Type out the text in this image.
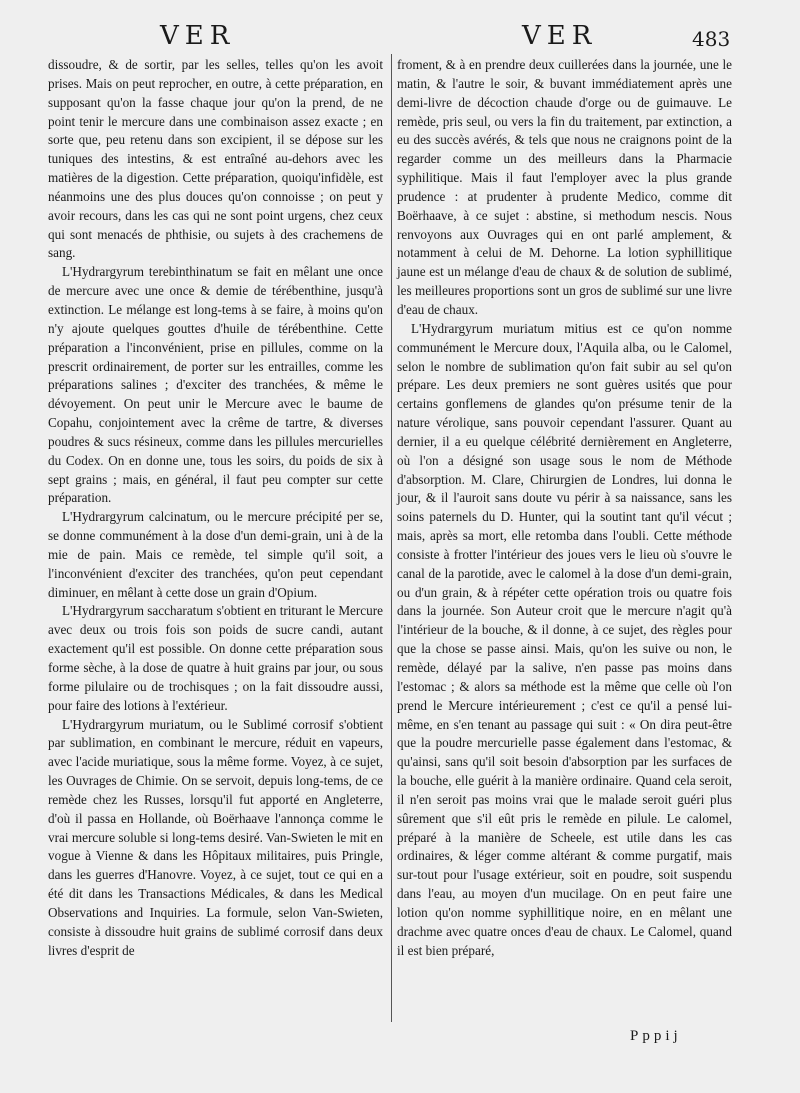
VER	VER	483

dissoudre, & de sortir, par les selles, telles qu'on les avoit prises. Mais on peut reprocher, en outre, à cette préparation, en supposant qu'on la fasse chaque jour qu'on la prend, de ne point tenir le mercure dans une combinaison assez exacte ; en sorte que, peu retenu dans son excipient, il se dépose sur les tuniques des intestins, & est entraîné au-dehors avec les matières de la digestion. Cette préparation, quoiqu'infidèle, est néanmoins une des plus douces qu'on connoisse ; on peut y avoir recours, dans les cas qui ne sont point urgens, chez ceux qui sont menacés de phthisie, ou sujets à des crachemens de sang.

L'Hydrargyrum terebinthinatum se fait en mêlant une once de mercure avec une once & demie de térébenthine, jusqu'à extinction. Le mélange est long-tems à se faire, à moins qu'on n'y ajoute quelques gouttes d'huile de térébenthine. Cette préparation a l'inconvénient, prise en pillules, comme on la prescrit ordinairement, de porter sur les entrailles, comme les préparations salines ; d'exciter des tranchées, & même le dévoyement. On peut unir le Mercure avec le baume de Copahu, conjointement avec la crême de tartre, & diverses poudres & sucs résineux, comme dans les pillules mercurielles du Codex. On en donne une, tous les soirs, du poids de six à sept grains ; mais, en général, il faut peu compter sur cette préparation.

L'Hydrargyrum calcinatum, ou le mercure précipité per se, se donne communément à la dose d'un demi-grain, uni à de la mie de pain. Mais ce remède, tel simple qu'il soit, a l'inconvénient d'exciter des tranchées, qu'on peut cependant diminuer, en mêlant à cette dose un grain d'Opium.

L'Hydrargyrum saccharatum s'obtient en triturant le Mercure avec deux ou trois fois son poids de sucre candi, autant exactement qu'il est possible. On donne cette préparation sous forme sèche, à la dose de quatre à huit grains par jour, ou sous forme pilulaire ou de trochisques ; on la fait dissoudre aussi, pour faire des lotions à l'extérieur.

L'Hydrargyrum muriatum, ou le Sublimé corrosif s'obtient par sublimation, en combinant le mercure, réduit en vapeurs, avec l'acide muriatique, sous la même forme. Voyez, à ce sujet, les Ouvrages de Chimie. On se servoit, depuis long-tems, de ce remède chez les Russes, lorsqu'il fut apporté en Angleterre, d'où il passa en Hollande, où Boërhaave l'annonça comme le vrai mercure soluble si long-tems desiré. Van-Swieten le mit en vogue à Vienne & dans les Hôpitaux militaires, puis Pringle, dans les guerres d'Hanovre. Voyez, à ce sujet, tout ce qui en a été dit dans les Transactions Médicales, & dans les Medical Observations and Inquiries. La formule, selon Van-Swieten, consiste à dissoudre huit grains de sublimé corrosif dans deux livres d'esprit de

froment, & à en prendre deux cuillerées dans la journée, une le matin, & l'autre le soir, & buvant immédiatement après une demi-livre de décoction chaude d'orge ou de guimauve. Le remède, pris seul, ou vers la fin du traitement, par extinction, a eu des succès avérés, & tels que nous ne craignons point de la regarder comme un des meilleurs dans la Pharmacie syphilitique. Mais il faut l'employer avec la plus grande prudence : at prudenter à prudente Medico, comme dit Boërhaave, à ce sujet : abstine, si methodum nescis. Nous renvoyons aux Ouvrages qui en ont parlé amplement, & notamment à celui de M. Dehorne. La lotion syphillitique jaune est un mélange d'eau de chaux & de solution de sublimé, les meilleures proportions sont un gros de sublimé sur une livre d'eau de chaux.

L'Hydrargyrum muriatum mitius est ce qu'on nomme communément le Mercure doux, l'Aquila alba, ou le Calomel, selon le nombre de sublimation qu'on fait subir au sel qu'on prépare. Les deux premiers ne sont guères usités que pour certains gonflemens de glandes qu'on présume tenir de la nature vérolique, sans pouvoir cependant l'assurer. Quant au dernier, il a eu quelque célébrité dernièrement en Angleterre, où l'on a désigné son usage sous le nom de Méthode d'absorption. M. Clare, Chirurgien de Londres, lui donna le jour, & il l'auroit sans doute vu périr à sa naissance, sans les soins paternels du D. Hunter, qui la soutint tant qu'il vécut ; mais, après sa mort, elle retomba dans l'oubli. Cette méthode consiste à frotter l'intérieur des joues vers le lieu où s'ouvre le canal de la parotide, avec le calomel à la dose d'un demi-grain, ou d'un grain, & à répéter cette opération trois ou quatre fois dans la journée. Son Auteur croit que le mercure n'agit qu'à l'intérieur de la bouche, & il donne, à ce sujet, des règles pour que la chose se passe ainsi. Mais, qu'on les suive ou non, le remède, délayé par la salive, n'en passe pas moins dans l'estomac ; & alors sa méthode est la même que celle où l'on prend le Mercure intérieurement ; c'est ce qu'il a pensé lui-même, en s'en tenant au passage qui suit : « On dira peut-être que la poudre mercurielle passe également dans l'estomac, & qu'ainsi, sans qu'il soit besoin d'absorption par les surfaces de la bouche, elle guérit à la manière ordinaire. Quand cela seroit, il n'en seroit pas moins vrai que le malade seroit guéri plus sûrement que s'il eût pris le remède en pilule. Le calomel, préparé à la manière de Scheele, est utile dans les cas ordinaires, & léger comme altérant & comme purgatif, mais sur-tout pour l'usage extérieur, soit en poudre, soit suspendu dans l'eau, au moyen d'un mucilage. On en peut faire une lotion qu'on nomme syphillitique noire, en en mêlant une drachme avec quatre onces d'eau de chaux. Le Calomel, quand il est bien préparé,

Pppij
